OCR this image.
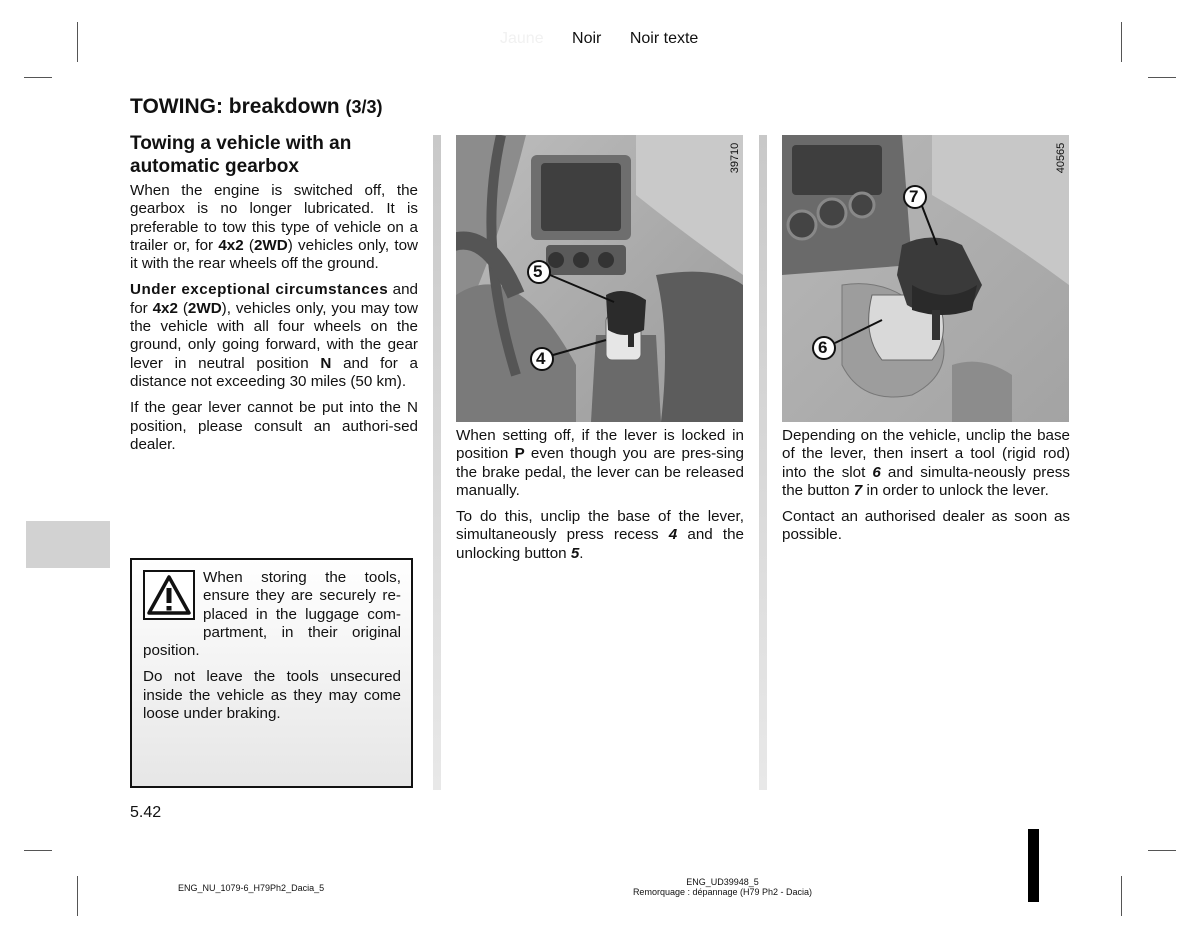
Jaune Noir Noir texte
TOWING: breakdown (3/3)
Towing a vehicle with an automatic gearbox

When the engine is switched off, the gearbox is no longer lubricated. It is preferable to tow this type of vehicle on a trailer or, for 4x2 (2WD) vehicles only, tow it with the rear wheels off the ground.

Under exceptional circumstances and for 4x2 (2WD), vehicles only, you may tow the vehicle with all four wheels on the ground, only going forward, with the gear lever in neutral position N and for a distance not exceeding 30 miles (50 km).

If the gear lever cannot be put into the N position, please consult an authori-sed dealer.

When storing the tools, ensure they are securely re-placed in the luggage com-partment, in their original position.

Do not leave the tools unsecured inside the vehicle as they may come loose under braking.

5
4
39710
7
6
40565

When setting off, if the lever is locked in position P even though you are pres-sing the brake pedal, the lever can be released manually.

To do this, unclip the base of the lever, simultaneously press recess 4 and the unlocking button 5.

Depending on the vehicle, unclip the base of the lever, then insert a tool (rigid rod) into the slot 6 and simulta-neously press the button 7 in order to unlock the lever.

Contact an authorised dealer as soon as possible.

5.42
ENG_NU_1079-6_H79Ph2_Dacia_5
ENG_UD39948_5
Remorquage : dépannage (H79 Ph2 - Dacia)
